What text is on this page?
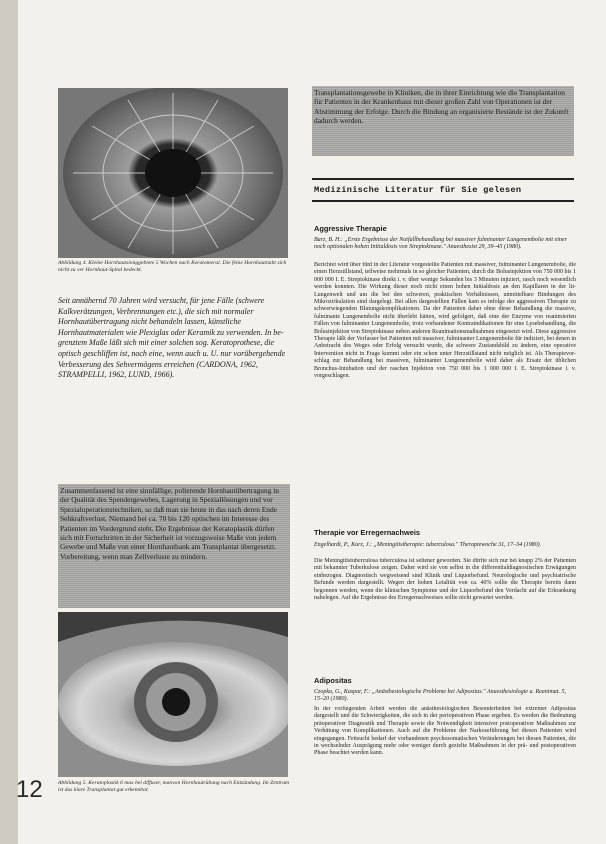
Abbildung 4. Kleine Hornhautsinnggebiete 5 Wochen nach Keratomeral. Die feine Hornhautnaht sich nicht zu ver Hornhaut-Spital bedeckt.
Seit annähernd 70 Jahren wird versucht, für jene Fälle (schwere Kalkverätzungen, Verbrennungen etc.), die sich mit normaler Hornhautübertragung nicht behandeln lassen, künstliche Hornhautmaterialen wie Plexiglas oder Keramik zu verwenden. In begrenztem Maße läßt sich mit einer solchen sog. Keratoprothese, die optisch geschliffen ist, noch eine, wenn auch u. U. nur vorübergehende Verbesserung des Sehvermögens erreichen (CARDONA, 1962, STRAMPELLI, 1962, LUND, 1966).
Zusammenfassend ist eine sinnfällige, polierende Hornhautübertragung in der Qualität des Spendergewebes, Lagerung in Speziallösungen und vor Spezialoperationstechniken, so daß man sie heute in das nach deren Ende Sehkraftverlust. Niemand bei ca. 70 bis 120 optischen im Interesse des Patienten im Vordergrund steht. Die Ergebnisse der Keratoplastik dürfen sich mit Fortschritten in der Sicherheit ist vorzugsweise Maße von jedem Gewebe und Maße von einer Hornhautbank am Transplantat übergesetzt. Vorbereitung, wenn man Zellverluste zu mindern.
Abbildung 5. Keratoplastik 6 max bei diffuser, manvon Hornhautrübung nach Entzündung. Im Zentrum ist das klare Transplantat gut erkennbar.
12
Transplantationsgewebe in Kliniken, die in ihrer Einrichtung wie die Transplantation für Patienten in der Krankenhaus mit dieser großen Zahl von Operationen ist der Abstimmung der Erfolge. Durch die Bindung an organisierte Bestände ist der Zukunft dadurch werden.
Medizinische Literatur für Sie gelesen
Aggressive Therapie
Barz, B. H.: „Erste Ergebnisse der Notfallbehandlung bei massiver fulminanter Lungenembolie mit einer noch optionalen hohen Initialdosis von Streptokinase." Anaesthesist 29, 39–45 (1980).
Berichtet wird über fünf in der Literatur vorgestellte Patienten mit massiver, fulminanter Lungenembolie, die einen Herzstillstand, teilweise mehrmals in so gleicher Patienten, durch die Bolusinjektion von 750 000 bis 1 000 000 I. E. Streptokinase direkt i. v. über wenige Sekunden bis 3 Minuten injiziert, rasch noch wesentlich werden konnten. Die Wirkung dieser noch nicht einen hohen Initialdosis an den Kapillaren in der lit Lungenwelt und um die bei den schweren, praktischen Verhältnissen, unmittelbare Bindungen des Mikrozirkulation sind dargelegt. Bei allen dargestellten Fällen kam es infolge der aggressiven Therapie zu schwerwiegenden Blutungskomplikationen. Da der Patienten daher ohne diese Behandlung die massive, fulminante Lungenembolie nicht überlebt hätten, wird gefolgert, daß eine der Enzyme von reanimierten Fällen von fulminanter Lungenembolie, trotz vorhandener Kontraindikationen für eine Lysebehandlung, die Bolusinjektion von Streptokinase neben anderen Reanimationsmaßnahmen eingesetzt wird. Diese aggressive Therapie läßt der Verfasser bei Patienten mit massiver, fulminanter Lungenembolie für indiziert, bei denen in Anbetracht des Weges oder Erfolg versucht wurde, die schwere Zustandsbild zu ändern, eine operative Intervention nicht in Frage kommt oder ein schon unter Herzstillstand nicht möglich ist. Als Therapievorschlag zur Behandlung bei massiven, fulminanter Lungenembolie wird daher als Ersatz der üblichen Bronchus-Intubation und der raschen Injektion von 750 000 bis 1 000 000 I. E. Streptokinase i. v. vorgeschlagen.
Therapie vor Erregernachweis
Engelhardt, P., Kurz, J.: „Meningitistherapie: tuberculosa." Therapiewoche 31, 17–34 (1980).
Die Meningitistuberculosa tuberculosa ist seltener geworden. Sie dürfte sich nur bei knapp 2% der Patienten mit bekannter Tuberkulose zeigen. Daher wird sie von selbst in die differentialdiagnostischen Erwägungen einbezogen. Diagnostisch wegweisend sind Klinik und Liquorbefund. Neurologische und psychiatrische Befunde werden dargestellt. Wegen der hohen Letalität von ca. 40% sollte die Therapie bereits dann begonnen werden, wenn die klinischen Symptome und der Liquorbefund den Verdacht auf die Erkrankung nahelegen. Auf die Ergebnisse des Erregernachweises sollte nicht gewartet werden.
Adipositas
Czopka, G., Kaspar, F.: „Anästhesiologische Probleme bei Adipositas." Anaesthesiologie u. Reanimat. 5, 15–20 (1980).
In der vorliegenden Arbeit werden die anästhesiologischen Besonderheiten bei extremer Adipositas dargestellt und die Schwierigkeiten, die sich in der perioperativen Phase ergeben. Es werden die Bedeutung präoperativer Diagnostik und Therapie sowie die Notwendigkeit intensiver postoperativer Maßnahmen zur Verhütung von Komplikationen. Auch auf die Probleme der Narkoseführung bei diesen Patienten wird eingegangen. Fettsucht bedarf der vorhandenen psychosomatischen Veränderungen bei diesen Patienten, die in wechselnder Ausprägung mehr oder weniger durch gezielte Maßnahmen in der prä- und postoperativen Phase beachtet werden kann.
